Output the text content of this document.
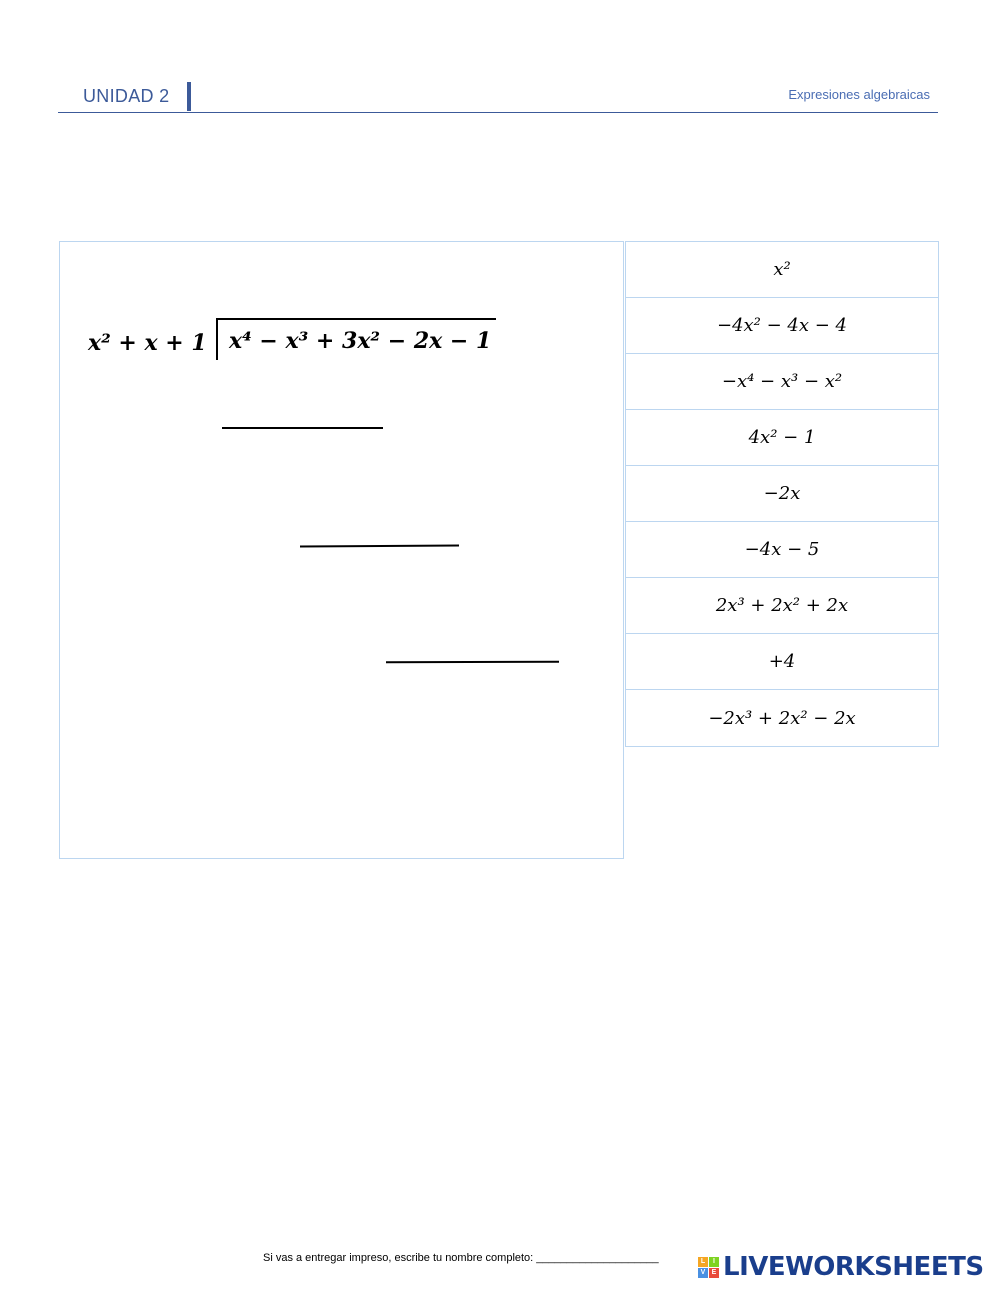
UNIDAD 2	Expresiones algebraicas
x² + x + 1 x⁴ − x³ + 3x² − 2x − 1
x²
−4x² − 4x − 4
−x⁴ − x³ − x²
4x² − 1
−2x
−4x − 5
2x³ + 2x² + 2x
+4
−2x³ + 2x² − 2x
Si vas a entregar impreso, escribe tu nombre completo: ____________________	L	I
V E LIVEWORKSHEETS
